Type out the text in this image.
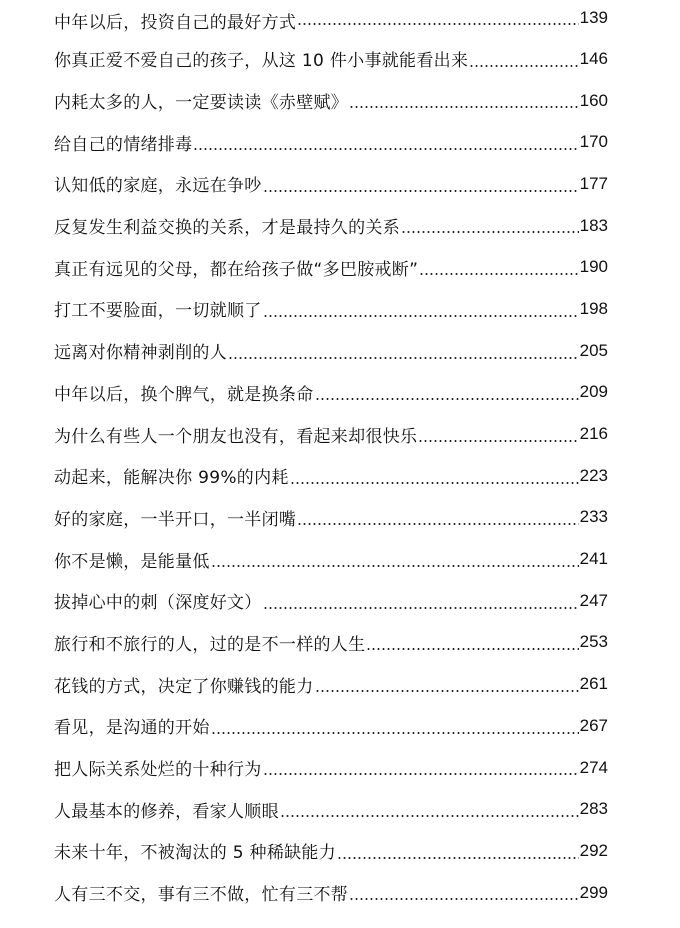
中年以后，投资自己的最好方式	139
你真正爱不爱自己的孩子，从这 10 件小事就能看出来	146
内耗太多的人，一定要读读《赤壁赋》	160
给自己的情绪排毒	170
认知低的家庭，永远在争吵	177
反复发生利益交换的关系，才是最持久的关系	183
真正有远见的父母，都在给孩子做“多巴胺戒断”	190
打工不要脸面，一切就顺了	198
远离对你精神剥削的人	205
中年以后，换个脾气，就是换条命	209
为什么有些人一个朋友也没有，看起来却很快乐	216
动起来，能解决你 99%的内耗	223
好的家庭，一半开口，一半闭嘴	233
你不是懒，是能量低	241
拔掉心中的刺（深度好文）	247
旅行和不旅行的人，过的是不一样的人生	253
花钱的方式，决定了你赚钱的能力	261
看见，是沟通的开始	267
把人际关系处烂的十种行为	274
人最基本的修养，看家人顺眼	283
未来十年，不被淘汰的 5 种稀缺能力	292
人有三不交，事有三不做，忙有三不帮	299
